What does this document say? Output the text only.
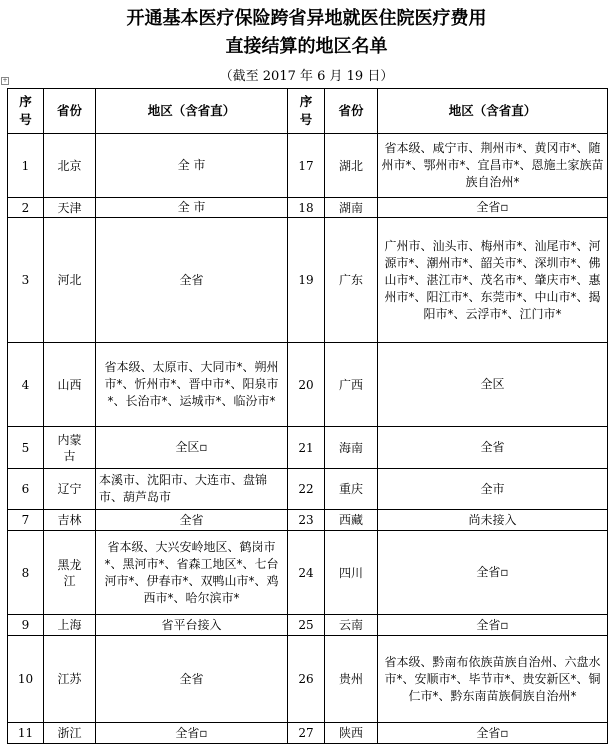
开通基本医疗保险跨省异地就医住院医疗费用
直接结算的地区名单
+	（截至 2017 年 6 月 19 日）
序号	省份	地区（含省直）	序号	省份	地区（含省直）
1	北京	全 市	17	湖北	省本级、咸宁市、荆州市*、黄冈市*、随州市*、鄂州市*、宜昌市*、恩施土家族苗族自治州*
2	天津	全 市	18	湖南	全省▫
3	河北	全省	19	广东	广州市、汕头市、梅州市*、汕尾市*、河源市*、潮州市*、韶关市*、深圳市*、佛山市*、湛江市*、茂名市*、肇庆市*、惠州市*、阳江市*、东莞市*、中山市*、揭阳市*、云浮市*、江门市*
4	山西	省本级、太原市、大同市*、朔州市*、忻州市*、晋中市*、阳泉市*、长治市*、运城市*、临汾市*	20	广西	全区
5	内蒙古	全区▫	21	海南	全省
6	辽宁	本溪市、沈阳市、大连市、盘锦市、葫芦岛市	22	重庆	全市
7	吉林	全省	23	西藏	尚未接入
8	黑龙江	省本级、大兴安岭地区、鹤岗市*、黑河市*、省森工地区*、七台河市*、伊春市*、双鸭山市*、鸡西市*、哈尔滨市*	24	四川	全省▫
9	上海	省平台接入	25	云南	全省▫
10	江苏	全省	26	贵州	省本级、黔南布依族苗族自治州、六盘水市*、安顺市*、毕节市*、贵安新区*、铜仁市*、黔东南苗族侗族自治州*
11	浙江	全省▫	27	陕西	全省▫
